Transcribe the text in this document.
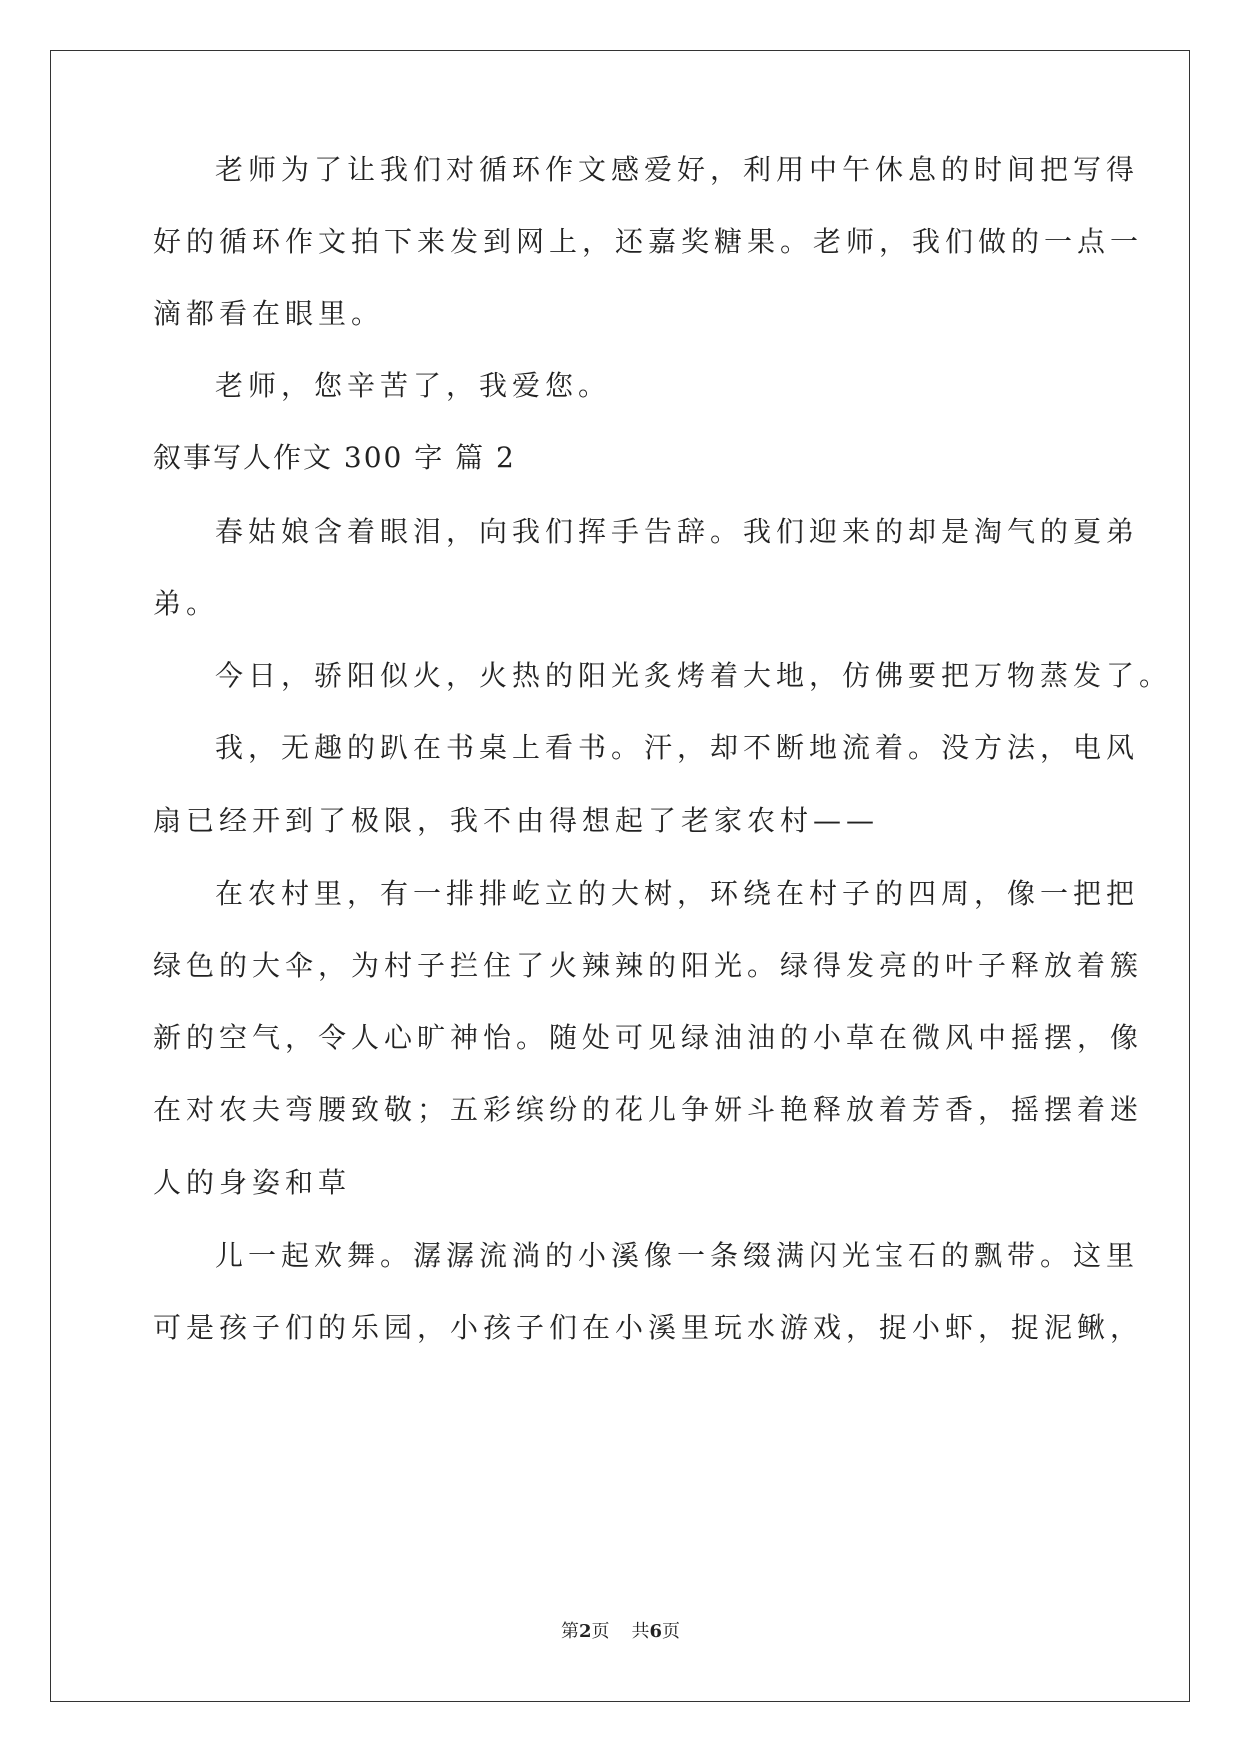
老师为了让我们对循环作文感爱好，利用中午休息的时间把写得
好的循环作文拍下来发到网上，还嘉奖糖果。老师，我们做的一点一
滴都看在眼里。
老师，您辛苦了，我爱您。
叙事写人作文 300 字 篇 2
春姑娘含着眼泪，向我们挥手告辞。我们迎来的却是淘气的夏弟
弟。
今日，骄阳似火，火热的阳光炙烤着大地，仿佛要把万物蒸发了。
我，无趣的趴在书桌上看书。汗，却不断地流着。没方法，电风
扇已经开到了极限，我不由得想起了老家农村——
在农村里，有一排排屹立的大树，环绕在村子的四周，像一把把
绿色的大伞，为村子拦住了火辣辣的阳光。绿得发亮的叶子释放着簇
新的空气，令人心旷神怡。随处可见绿油油的小草在微风中摇摆，像
在对农夫弯腰致敬；五彩缤纷的花儿争妍斗艳释放着芳香，摇摆着迷
人的身姿和草
儿一起欢舞。潺潺流淌的小溪像一条缀满闪光宝石的飘带。这里
可是孩子们的乐园，小孩子们在小溪里玩水游戏，捉小虾，捉泥鳅，
第2页 共6页
